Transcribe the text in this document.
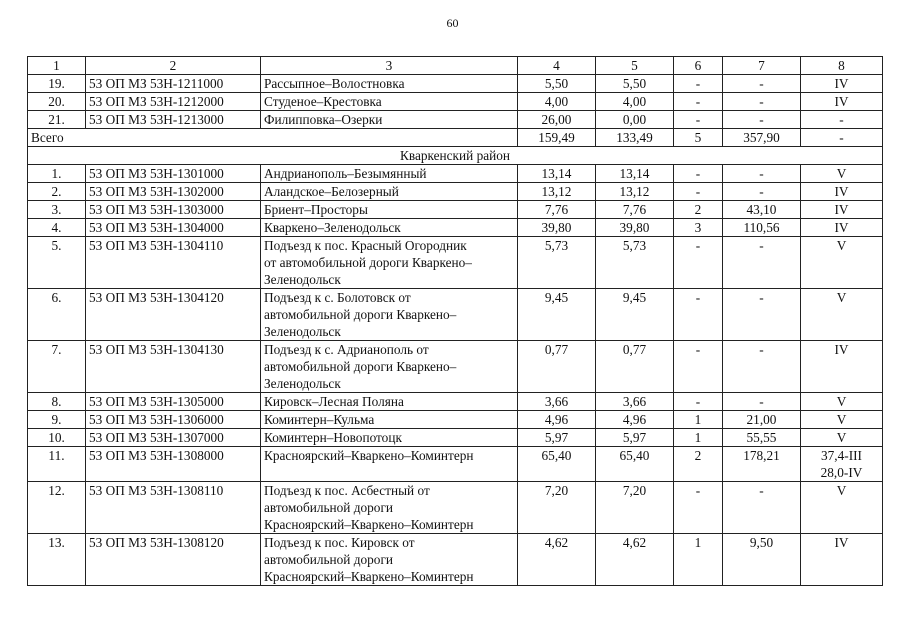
60
1	2	3	4	5	6	7	8
19.	53 ОП МЗ 53Н-1211000	Рассыпное–Волостновка	5,50	5,50	-	-	IV

20.	53 ОП МЗ 53Н-1212000	Студеное–Крестовка	4,00	4,00	-	-	IV

21.	53 ОП МЗ 53Н-1213000	Филипповка–Озерки	26,00	0,00	-	-	-

Всего			159,49	133,49	5	357,90	-
Кваркенский район							
1.	53 ОП МЗ 53Н-1301000	Андрианополь–Безымянный	13,14	13,14	-	-	V

2.	53 ОП МЗ 53Н-1302000	Аландское–Белозерный	13,12	13,12	-	-	IV

3.	53 ОП МЗ 53Н-1303000	Бриент–Просторы	7,76	7,76	2	43,10	IV

4.	53 ОП МЗ 53Н-1304000	Кваркено–Зеленодольск	39,80	39,80	3	110,56	IV

5.	53 ОП МЗ 53Н-1304110	Подъезд к пос. Красный Огородник
от автомобильной дороги Кваркено–
Зеленодольск	5,73	5,73	-	-	V

6.	53 ОП МЗ 53Н-1304120	Подъезд к с. Болотовск от
автомобильной дороги Кваркено–
Зеленодольск	9,45	9,45	-	-	V

7.	53 ОП МЗ 53Н-1304130	Подъезд к с. Адрианополь от
автомобильной дороги Кваркено–
Зеленодольск	0,77	0,77	-	-	IV

8.	53 ОП МЗ 53Н-1305000	Кировск–Лесная Поляна	3,66	3,66	-	-	V

9.	53 ОП МЗ 53Н-1306000	Коминтерн–Кульма	4,96	4,96	1	21,00	V

10.	53 ОП МЗ 53Н-1307000	Коминтерн–Новопотоцк	5,97	5,97	1	55,55	V

11.	53 ОП МЗ 53Н-1308000	Красноярский–Кваркено–Коминтерн	65,40	65,40	2	178,21	37,4-III
28,0-IV

12.	53 ОП МЗ 53Н-1308110	Подъезд к пос. Асбестный от
автомобильной дороги
Красноярский–Кваркено–Коминтерн	7,20	7,20	-	-	V

13.	53 ОП МЗ 53Н-1308120	Подъезд к пос. Кировск от
автомобильной дороги
Красноярский–Кваркено–Коминтерн	4,62	4,62	1	9,50	IV
